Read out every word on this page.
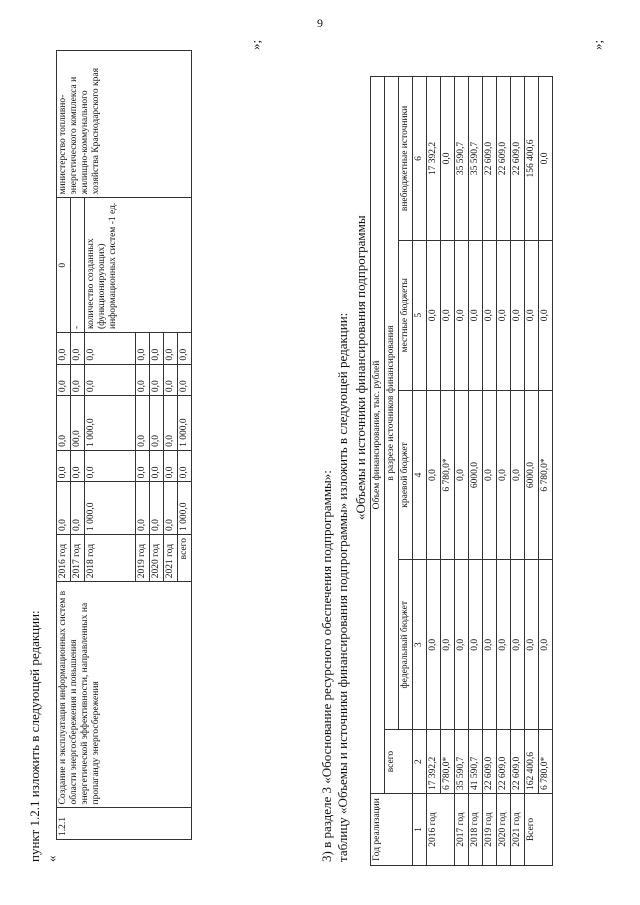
9
пункт 1.2.1 изложить в следующей редакции: «
1.2.1	Создание и эксплуатация информационных систем в области энергосбережения и повышения энергетической эффективности, направленных на пропаганду энергосбережения	2016 год	0,0	0,0	0,0	0,0	0,0	0	министерство топливно-энергетического комплекса и жилищно-коммунального хозяйства Краснодарского края
		2017 год	0,0	0,0	00,0	0,0	0,0	-	
		2018 год	1 000,0	0,0	1 000,0	0,0	0,0	количество созданных (функционирующих) информационных систем -1 ед.	
		2019 год	0,0	0,0	0,0	0,0	0,0		
		2020 год	0,0	0,0	0,0	0,0	0,0		
		2021 год	0,0	0,0	0,0	0,0	0,0		
		всего	1 000,0	0,0	1 000,0	0,0	0,0		
»;
3) в разделе 3 «Обоснование ресурсного обеспечения подпрограммы»: таблицу «Объемы и источники финансирования подпрограммы» изложить в следующей редакции: «Объемы и источники финансирования подпрограммы
Год реализации	Объем финансирования, тыс. рублей				
	всего	в разрезе источников финансирования			
		федеральный бюджет	краевой бюджет	местные бюджеты	внебюджетные источники
1	2	3	4	5	6
2016 год	17 392,2	0,0	0,0	0,0	17 392,2
	6 780,0*	0,0	6 780,0*	0,0	0,0
2017 год	35 590,7	0,0	0,0	0,0	35 590,7
2018 год	41 590,7	0,0	6000,0	0,0	35 590,7
2019 год	22 609,0	0,0	0,0	0,0	22 609,0
2020 год	22 609,0	0,0	0,0	0,0	22 609,0
2021 год	22 609,0	0,0	0,0	0,0	22 609,0
Всего	162 400,6	0,0	6000,0	0,0	156 400,6
	6 780,0*	0,0	6 780,0*	0,0	0,0
»;
